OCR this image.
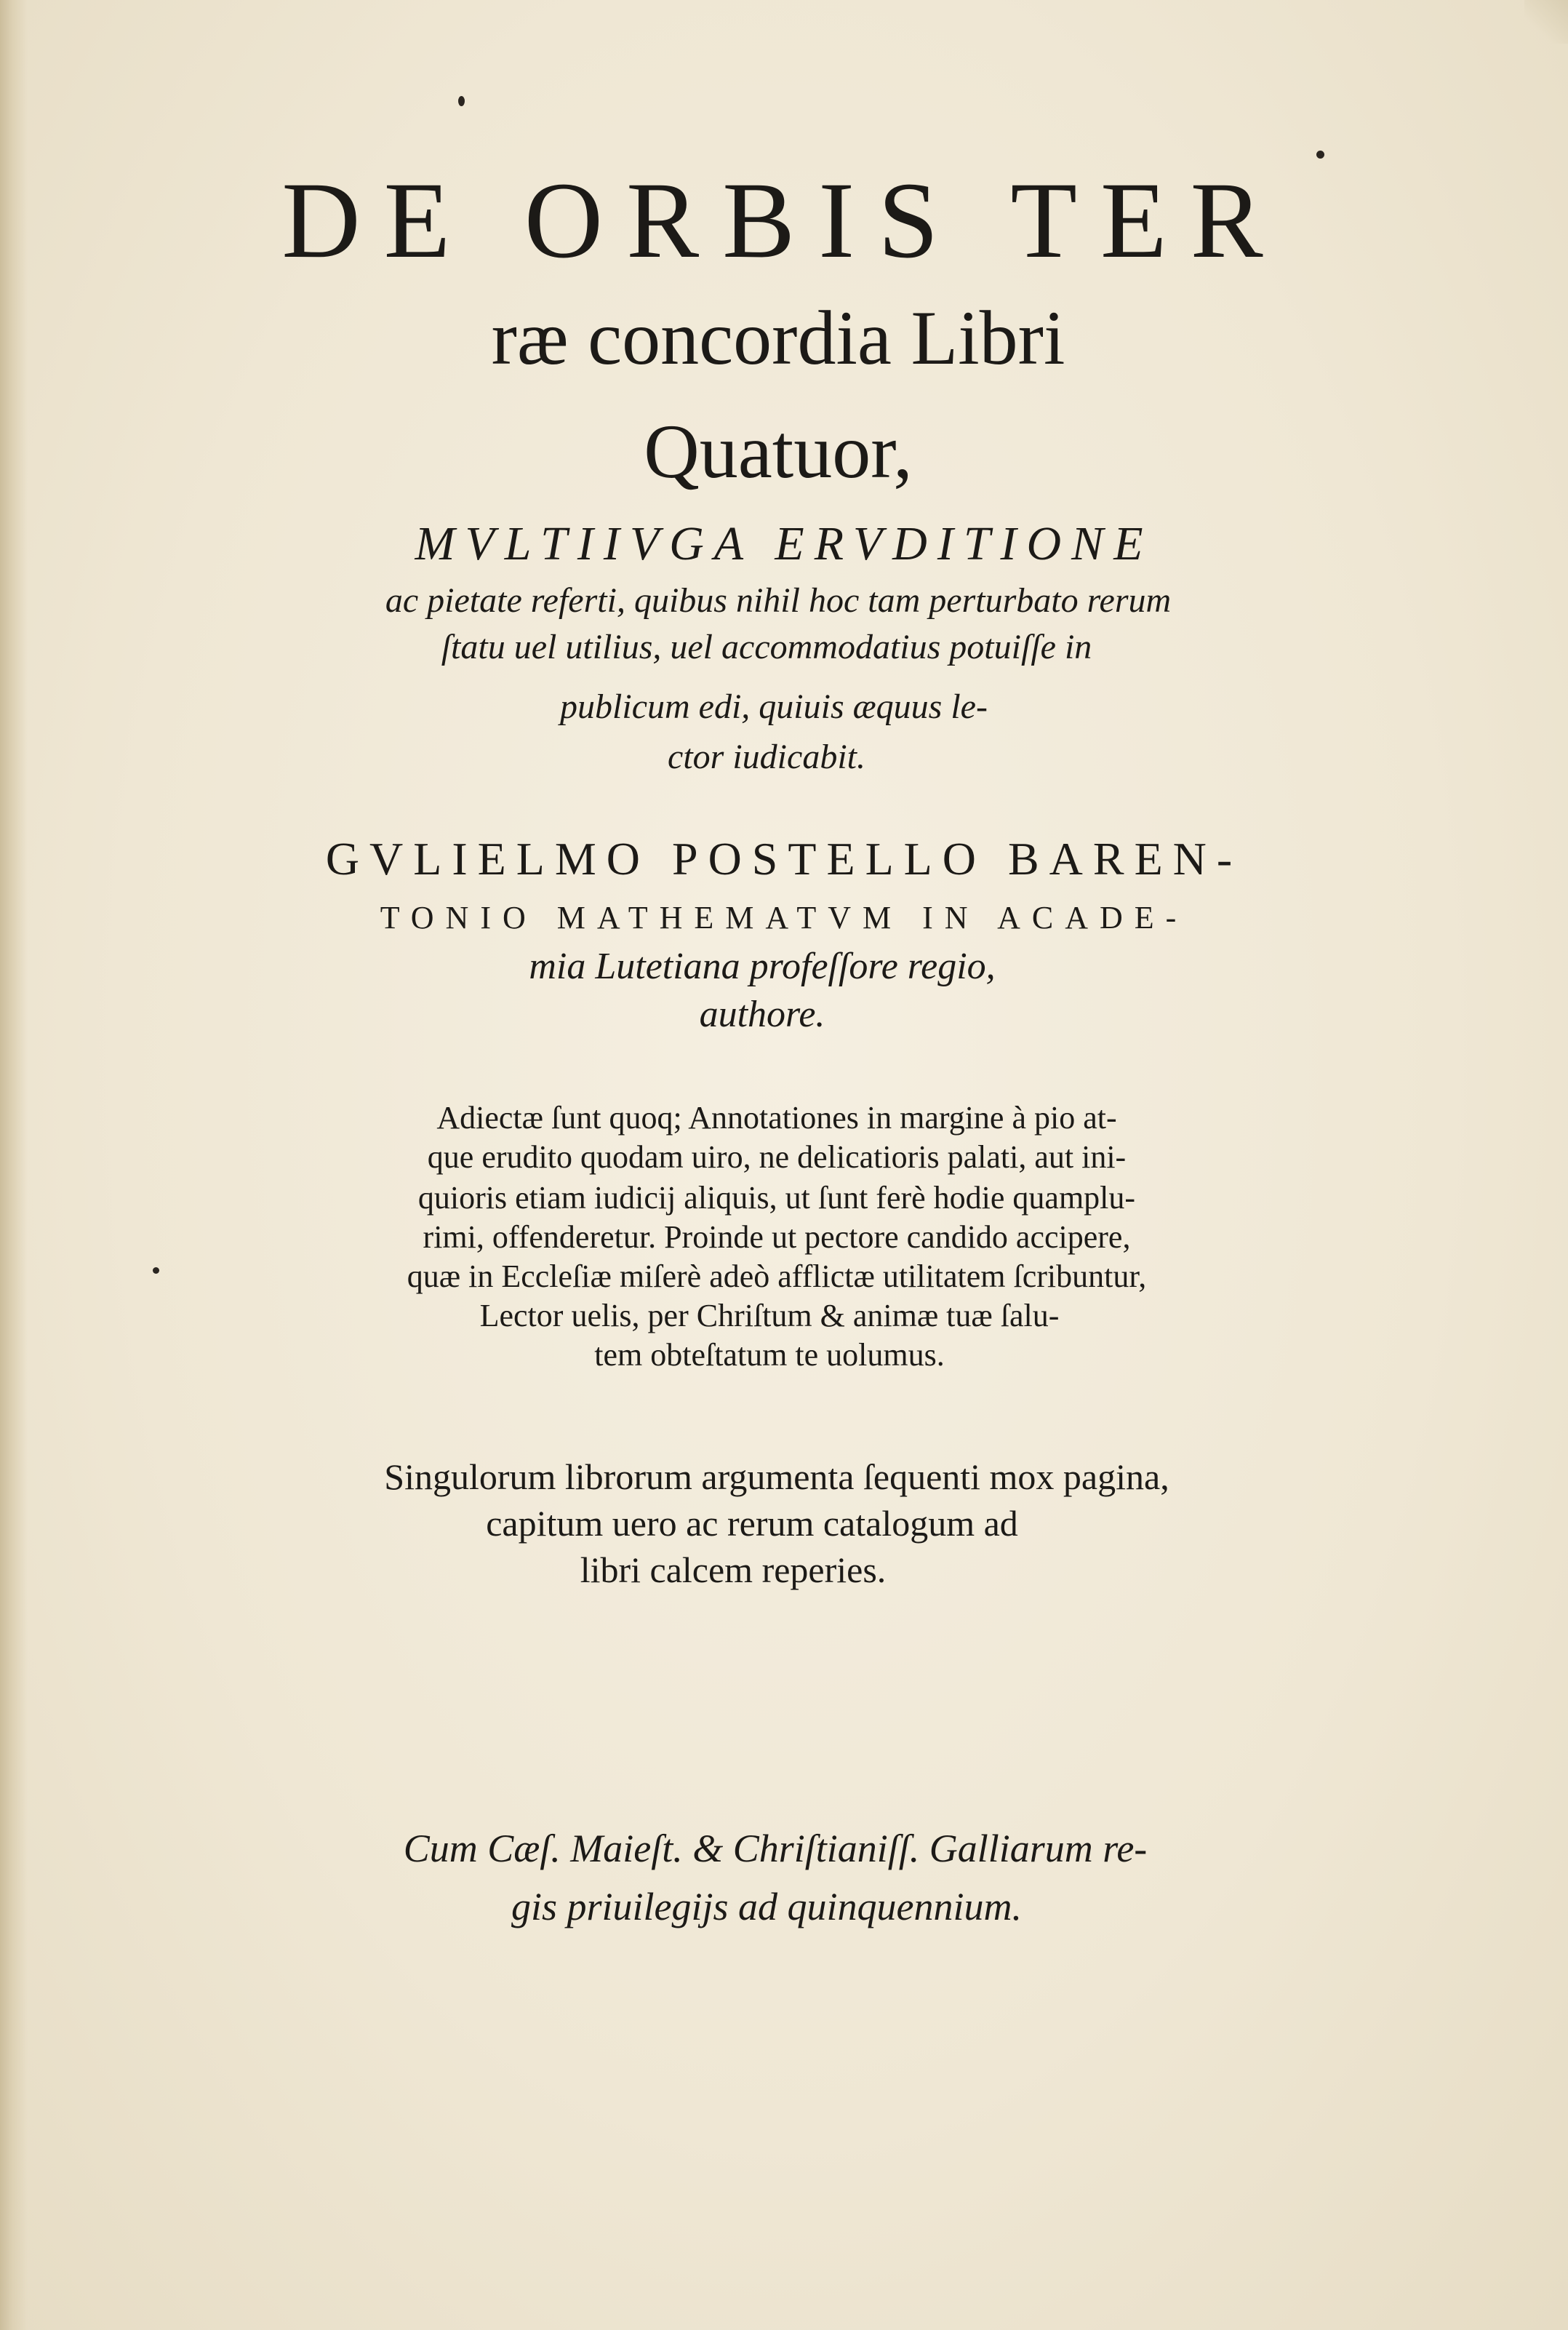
DE ORBIS TER
ræ concordia Libri
Quatuor,
MVLTIIVGA ERVDITIONE
ac pietate referti, quibus nihil hoc tam perturbato rerum
ſtatu uel utilius, uel accommodatius potuiſſe in
publicum edi, quiuis æquus le-
ctor iudicabit.
GVLIELMO POSTELLO BAREN-
TONIO MATHEMATVM IN ACADE-
mia Lutetiana profeſſore regio,
authore.
Adiectæ ſunt quoq; Annotationes in margine à pio at-
que erudito quodam uiro, ne delicatioris palati, aut ini-
quioris etiam iudicij aliquis, ut ſunt ferè hodie quamplu-
rimi, offenderetur. Proinde ut pectore candido accipere,
quæ in Eccleſiæ miſerè adeò afflictæ utilitatem ſcribuntur,
Lector uelis, per Chriſtum & animæ tuæ ſalu-
tem obteſtatum te uolumus.
Singulorum librorum argumenta ſequenti mox pagina,
capitum uero ac rerum catalogum ad
libri calcem reperies.
Cum Cæſ. Maieſt. & Chriſtianiſſ. Galliarum re-
gis priuilegijs ad quinquennium.
